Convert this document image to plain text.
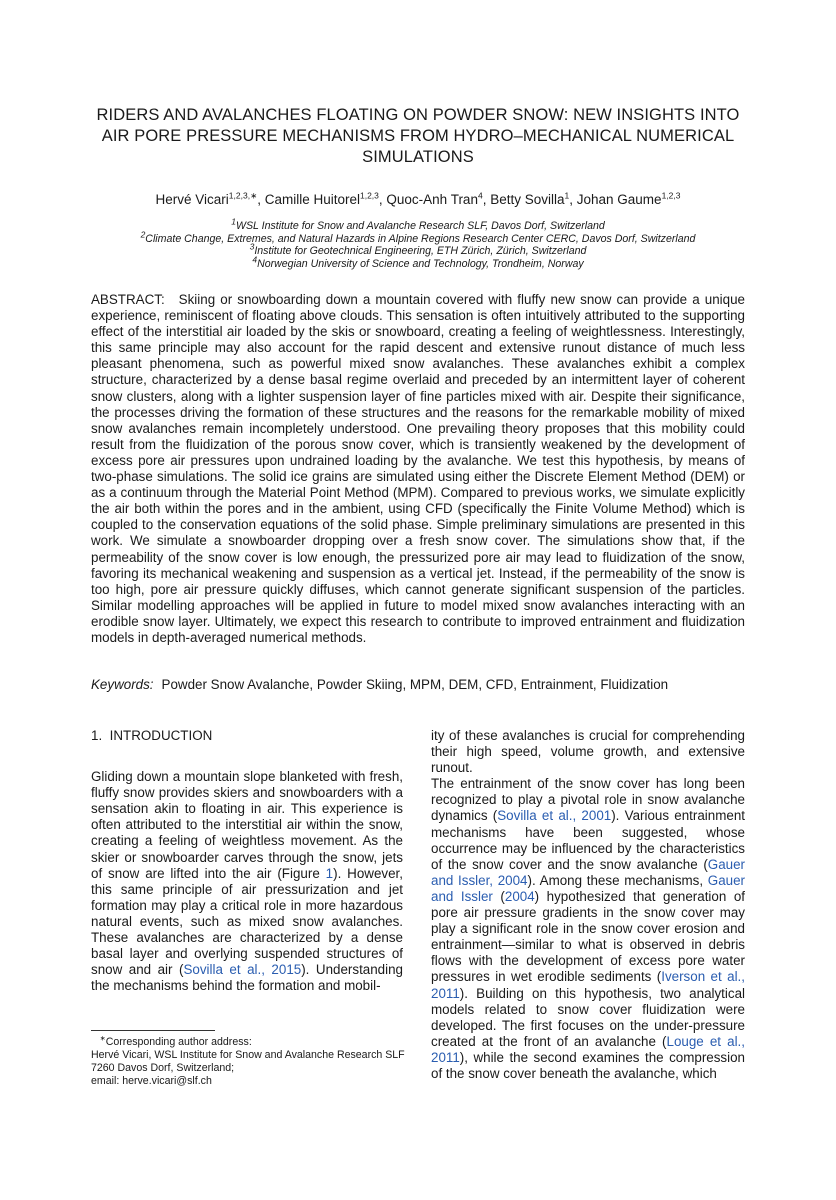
RIDERS AND AVALANCHES FLOATING ON POWDER SNOW: NEW INSIGHTS INTO AIR PORE PRESSURE MECHANISMS FROM HYDRO–MECHANICAL NUMERICAL SIMULATIONS
Hervé Vicari$^{1,2,3,∗}$, Camille Huitorel$^{1,2,3}$, Quoc-Anh Tran$^4$, Betty Sovilla$^1$, Johan Gaume$^{1,2,3}$
$^1$WSL Institute for Snow and Avalanche Research SLF, Davos Dorf, Switzerland
$^2$Climate Change, Extremes, and Natural Hazards in Alpine Regions Research Center CERC, Davos Dorf, Switzerland
$^3$Institute for Geotechnical Engineering, ETH Zürich, Zürich, Switzerland
$^4$Norwegian University of Science and Technology, Trondheim, Norway
ABSTRACT: Skiing or snowboarding down a mountain covered with fluffy new snow can provide a unique experience, reminiscent of floating above clouds. This sensation is often intuitively attributed to the supporting effect of the interstitial air loaded by the skis or snowboard, creating a feeling of weightlessness. Interestingly, this same principle may also account for the rapid descent and extensive runout distance of much less pleasant phenomena, such as powerful mixed snow avalanches. These avalanches exhibit a complex structure, characterized by a dense basal regime overlaid and preceded by an intermittent layer of coherent snow clusters, along with a lighter suspension layer of fine particles mixed with air. Despite their significance, the processes driving the formation of these structures and the reasons for the remarkable mobility of mixed snow avalanches remain incompletely understood. One prevailing theory proposes that this mobility could result from the fluidization of the porous snow cover, which is transiently weakened by the development of excess pore air pressures upon undrained loading by the avalanche. We test this hypothesis, by means of two-phase simulations. The solid ice grains are simulated using either the Discrete Element Method (DEM) or as a continuum through the Material Point Method (MPM). Compared to previous works, we simulate explicitly the air both within the pores and in the ambient, using CFD (specifically the Finite Volume Method) which is coupled to the conservation equations of the solid phase. Simple preliminary simulations are presented in this work. We simulate a snowboarder dropping over a fresh snow cover. The simulations show that, if the permeability of the snow cover is low enough, the pressurized pore air may lead to fluidization of the snow, favoring its mechanical weakening and suspension as a vertical jet. Instead, if the permeability of the snow is too high, pore air pressure quickly diffuses, which cannot generate significant suspension of the particles. Similar modelling approaches will be applied in future to model mixed snow avalanches interacting with an erodible snow layer. Ultimately, we expect this research to contribute to improved entrainment and fluidization models in depth-averaged numerical methods.
Keywords: Powder Snow Avalanche, Powder Skiing, MPM, DEM, CFD, Entrainment, Fluidization
1. INTRODUCTION

Gliding down a mountain slope blanketed with fresh, fluffy snow provides skiers and snowboarders with a sensation akin to floating in air. This experience is often attributed to the interstitial air within the snow, creating a feeling of weightless movement. As the skier or snowboarder carves through the snow, jets of snow are lifted into the air (Figure 1). However, this same principle of air pressurization and jet formation may play a critical role in more hazardous natural events, such as mixed snow avalanches. These avalanches are characterized by a dense basal layer and overlying suspended structures of snow and air (Sovilla et al., 2015). Understanding the mechanisms behind the formation and mobil-

ity of these avalanches is crucial for comprehending their high speed, volume growth, and extensive runout.

The entrainment of the snow cover has long been recognized to play a pivotal role in snow avalanche dynamics (Sovilla et al., 2001). Various entrainment mechanisms have been suggested, whose occurrence may be influenced by the characteristics of the snow cover and the snow avalanche (Gauer and Issler, 2004). Among these mechanisms, Gauer and Issler (2004) hypothesized that generation of pore air pressure gradients in the snow cover may play a significant role in the snow cover erosion and entrainment—similar to what is observed in debris flows with the development of excess pore water pressures in wet erodible sediments (Iverson et al., 2011). Building on this hypothesis, two analytical models related to snow cover fluidization were developed. The first focuses on the under-pressure created at the front of an avalanche (Louge et al., 2011), while the second examines the compression of the snow cover beneath the avalanche, which

∗Corresponding author address:
Hervé Vicari, WSL Institute for Snow and Avalanche Research SLF
7260 Davos Dorf, Switzerland;
email: herve.vicari@slf.ch
